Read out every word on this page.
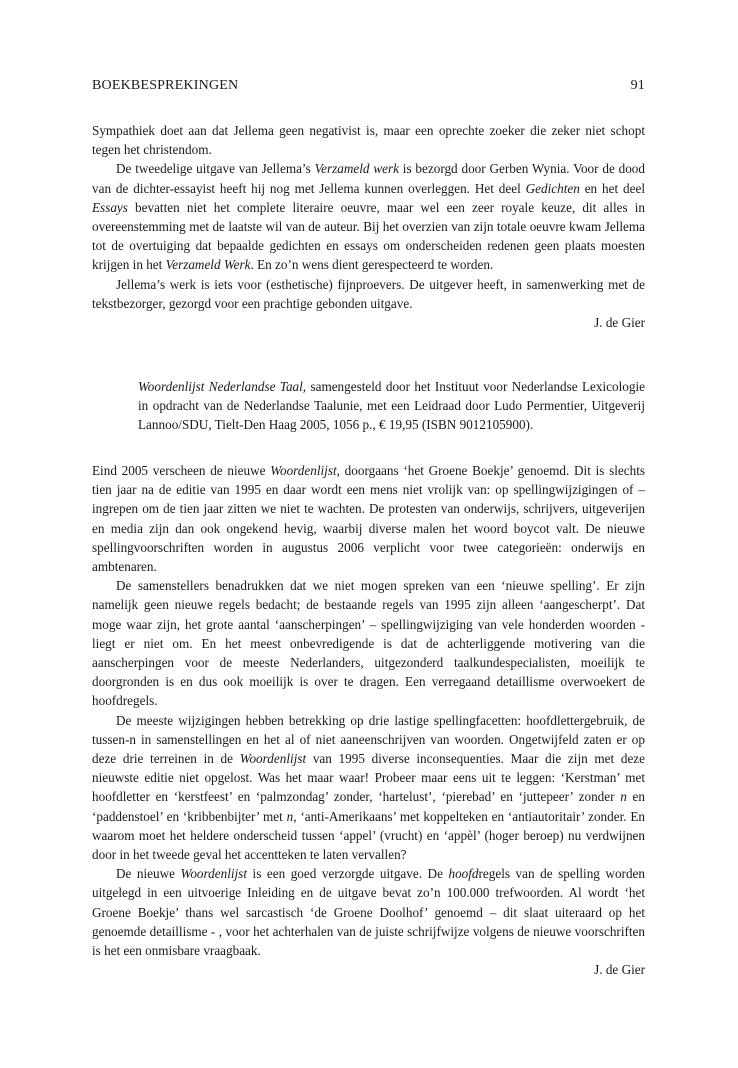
BOEKBESPREKINGEN	91

Sympathiek doet aan dat Jellema geen negativist is, maar een oprechte zoeker die zeker niet schopt tegen het christendom.

De tweedelige uitgave van Jellema’s Verzameld werk is bezorgd door Gerben Wynia. Voor de dood van de dichter-essayist heeft hij nog met Jellema kunnen overleggen. Het deel Gedichten en het deel Essays bevatten niet het complete literaire oeuvre, maar wel een zeer royale keuze, dit alles in overeenstemming met de laatste wil van de auteur. Bij het overzien van zijn totale oeuvre kwam Jellema tot de overtuiging dat bepaalde gedichten en essays om onderscheiden redenen geen plaats moesten krijgen in het Verzameld Werk. En zo’n wens dient gerespecteerd te worden.

Jellema’s werk is iets voor (esthetische) fijnproevers. De uitgever heeft, in samenwerking met de tekstbezorger, gezorgd voor een prachtige gebonden uitgave.

J. de Gier

Woordenlijst Nederlandse Taal, samengesteld door het Instituut voor Nederlandse Lexicologie in opdracht van de Nederlandse Taalunie, met een Leidraad door Ludo Permentier, Uitgeverij Lannoo/SDU, Tielt-Den Haag 2005, 1056 p., € 19,95 (ISBN 9012105900).

Eind 2005 verscheen de nieuwe Woordenlijst, doorgaans ‘het Groene Boekje’ genoemd. Dit is slechts tien jaar na de editie van 1995 en daar wordt een mens niet vrolijk van: op spellingwijzigingen of –ingrepen om de tien jaar zitten we niet te wachten. De protesten van onderwijs, schrijvers, uitgeverijen en media zijn dan ook ongekend hevig, waarbij diverse malen het woord boycot valt. De nieuwe spellingvoorschriften worden in augustus 2006 verplicht voor twee categorieën: onderwijs en ambtenaren.

De samenstellers benadrukken dat we niet mogen spreken van een ‘nieuwe spelling’. Er zijn namelijk geen nieuwe regels bedacht; de bestaande regels van 1995 zijn alleen ‘aangescherpt’. Dat moge waar zijn, het grote aantal ‘aanscherpingen’ – spellingwijziging van vele honderden woorden - liegt er niet om. En het meest onbevredigende is dat de achterliggende motivering van die aanscherpingen voor de meeste Nederlanders, uitgezonderd taalkundespecialisten, moeilijk te doorgronden is en dus ook moeilijk is over te dragen. Een verregaand detaillisme overwoekert de hoofdregels.

De meeste wijzigingen hebben betrekking op drie lastige spellingfacetten: hoofdlettergebruik, de tussen-n in samenstellingen en het al of niet aaneenschrijven van woorden. Ongetwijfeld zaten er op deze drie terreinen in de Woordenlijst van 1995 diverse inconsequenties. Maar die zijn met deze nieuwste editie niet opgelost. Was het maar waar! Probeer maar eens uit te leggen: ‘Kerstman’ met hoofdletter en ‘kerstfeest’ en ‘palmzondag’ zonder, ‘hartelust’, ‘pierebad’ en ‘juttepeer’ zonder n en ‘paddenstoel’ en ‘kribbenbijter’ met n, ‘anti-Amerikaans’ met koppelteken en ‘antiautoritair’ zonder. En waarom moet het heldere onderscheid tussen ‘appel’ (vrucht) en ‘appèl’ (hoger beroep) nu verdwijnen door in het tweede geval het accentteken te laten vervallen?

De nieuwe Woordenlijst is een goed verzorgde uitgave. De hoofdregels van de spelling worden uitgelegd in een uitvoerige Inleiding en de uitgave bevat zo’n 100.000 trefwoorden. Al wordt ‘het Groene Boekje’ thans wel sarcastisch ‘de Groene Doolhof’ genoemd – dit slaat uiteraard op het genoemde detaillisme - , voor het achterhalen van de juiste schrijfwijze volgens de nieuwe voorschriften is het een onmisbare vraagbaak.

J. de Gier
